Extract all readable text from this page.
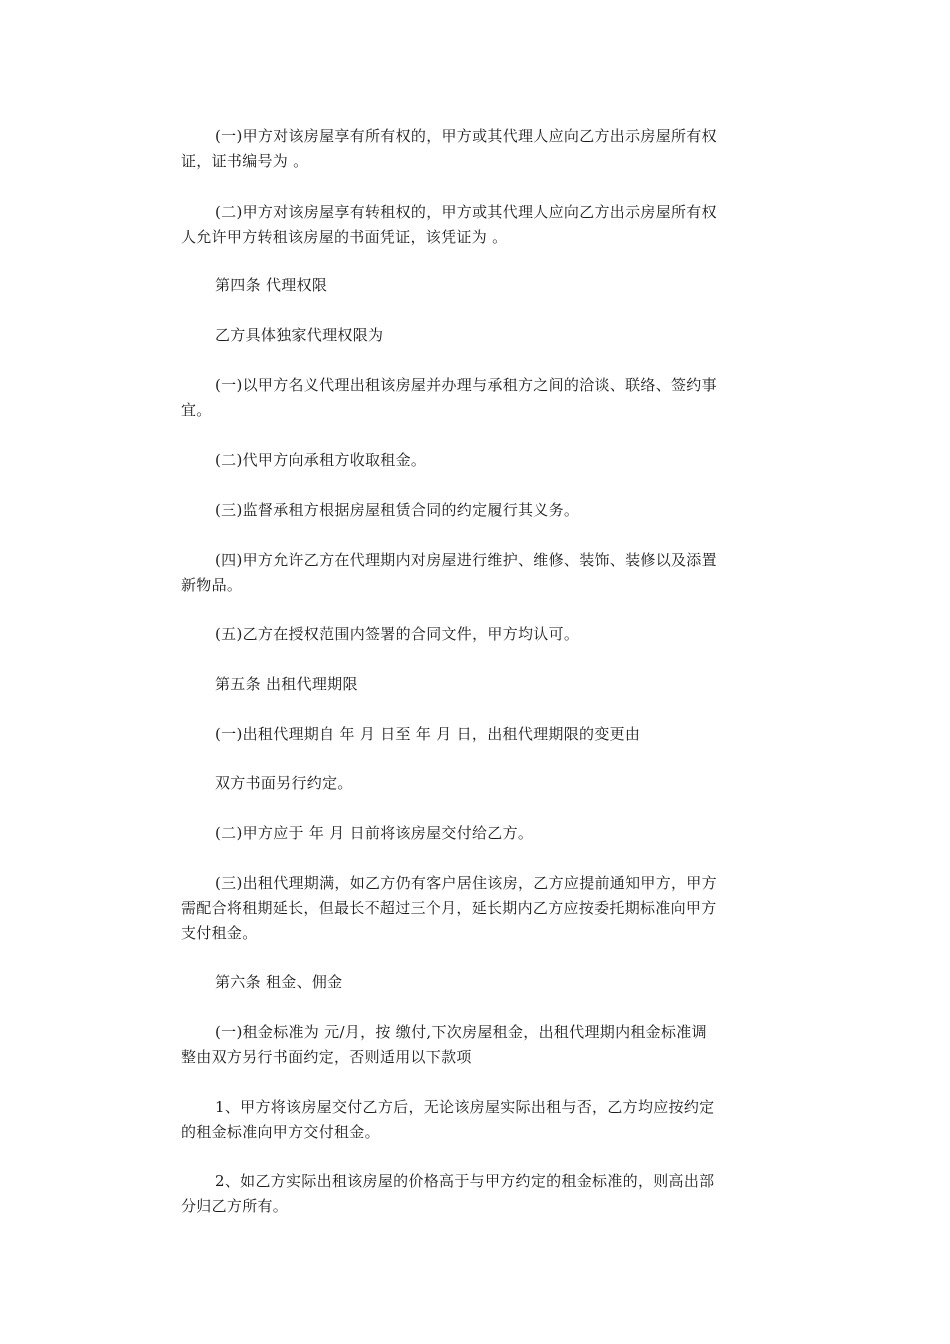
(一)甲方对该房屋享有所有权的，甲方或其代理人应向乙方出示房屋所有权
证，证书编号为 。

(二)甲方对该房屋享有转租权的，甲方或其代理人应向乙方出示房屋所有权
人允许甲方转租该房屋的书面凭证，该凭证为 。

第四条 代理权限

乙方具体独家代理权限为

(一)以甲方名义代理出租该房屋并办理与承租方之间的洽谈、联络、签约事
宜。

(二)代甲方向承租方收取租金。

(三)监督承租方根据房屋租赁合同的约定履行其义务。

(四)甲方允许乙方在代理期内对房屋进行维护、维修、装饰、装修以及添置
新物品。

(五)乙方在授权范围内签署的合同文件，甲方均认可。

第五条 出租代理期限

(一)出租代理期自 年 月 日至 年 月 日，出租代理期限的变更由

双方书面另行约定。

(二)甲方应于 年 月 日前将该房屋交付给乙方。

(三)出租代理期满，如乙方仍有客户居住该房，乙方应提前通知甲方，甲方
需配合将租期延长，但最长不超过三个月，延长期内乙方应按委托期标准向甲方
支付租金。

第六条 租金、佣金

(一)租金标准为 元/月，按 缴付,下次房屋租金，出租代理期内租金标准调
整由双方另行书面约定，否则适用以下款项

1、甲方将该房屋交付乙方后，无论该房屋实际出租与否，乙方均应按约定
的租金标准向甲方交付租金。

2、如乙方实际出租该房屋的价格高于与甲方约定的租金标准的，则高出部
分归乙方所有。
